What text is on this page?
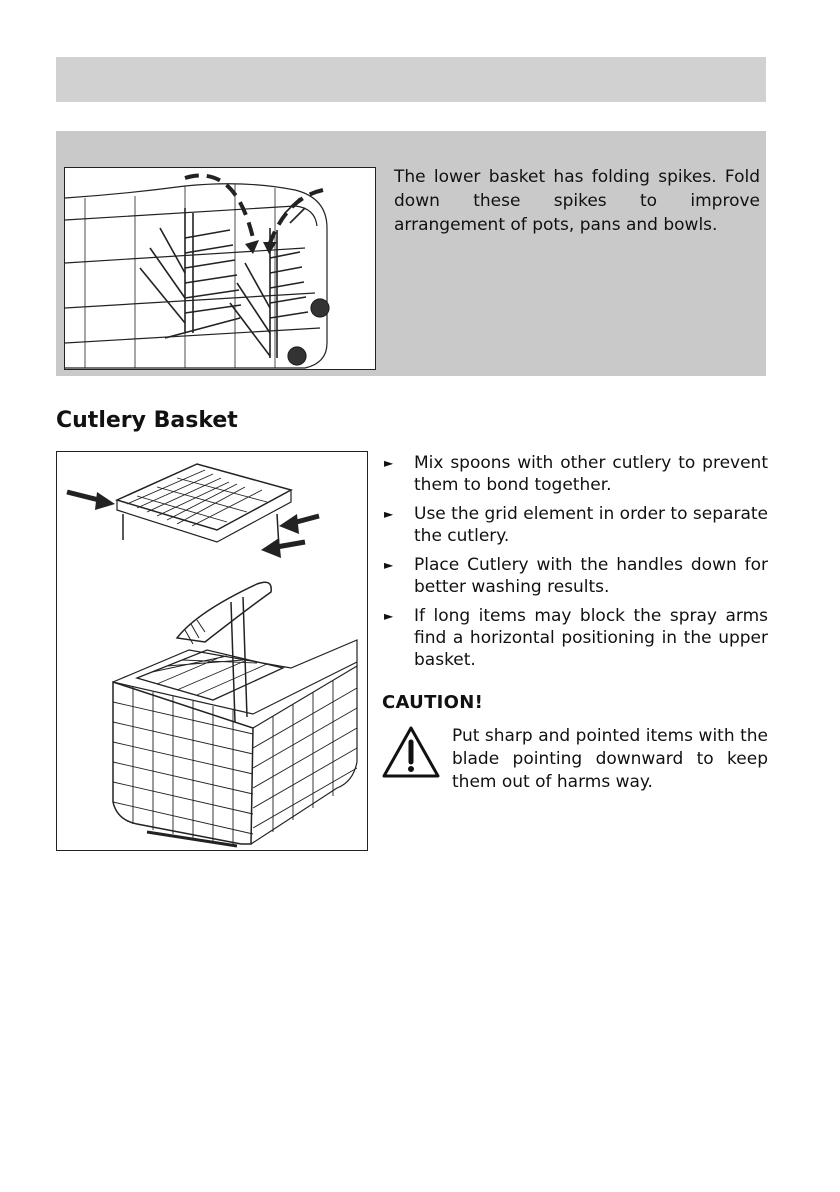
The lower basket has folding spikes. Fold down these spikes to improve arrangement of pots, pans and bowls.

Cutlery Basket
► Mix spoons with other cutlery to prevent them to bond together.
► Use the grid element in order to separate the cutlery.
► Place Cutlery with the handles down for better washing results.
► If long items may block the spray arms find a horizontal positioning in the upper basket.
CAUTION!

Put sharp and pointed items with the blade pointing downward to keep them out of harms way.
